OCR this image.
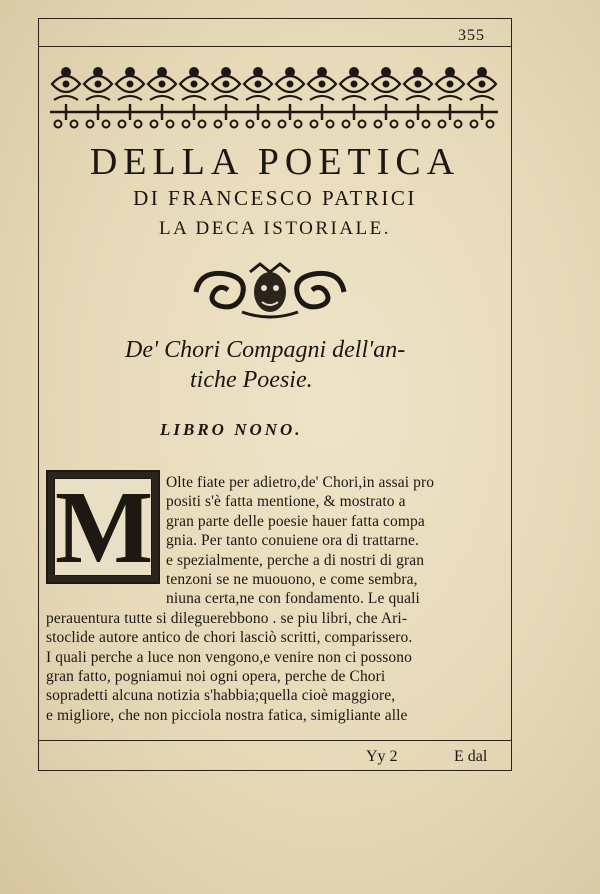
355
DELLA POETICA
DI FRANCESCO PATRICI
LA DECA ISTORIALE.
De' Chori Compagni dell'an-
tiche Poesie.
LIBRO NONO.
M Olte fiate per adietro,de' Chori,in assai pro
positi s'è fatta mentione, & mostrato a
gran parte delle poesie hauer fatta compa
gnia. Per tanto conuiene ora di trattarne.
e spezialmente, perche a di nostri di gran
tenzoni se ne muouono, e come sembra,
niuna certa,ne con fondamento. Le quali
perauentura tutte si dileguerebbono . se piu libri, che Ari-
stoclide autore antico de chori lasciò scritti, comparissero.
I quali perche a luce non vengono,e venire non ci possono
gran fatto, pogniamui noi ogni opera, perche de Chori
sopradetti alcuna notizia s'habbia;quella cioè maggiore,
e migliore, che non picciola nostra fatica, simigliante alle
Yy 2	E dal
